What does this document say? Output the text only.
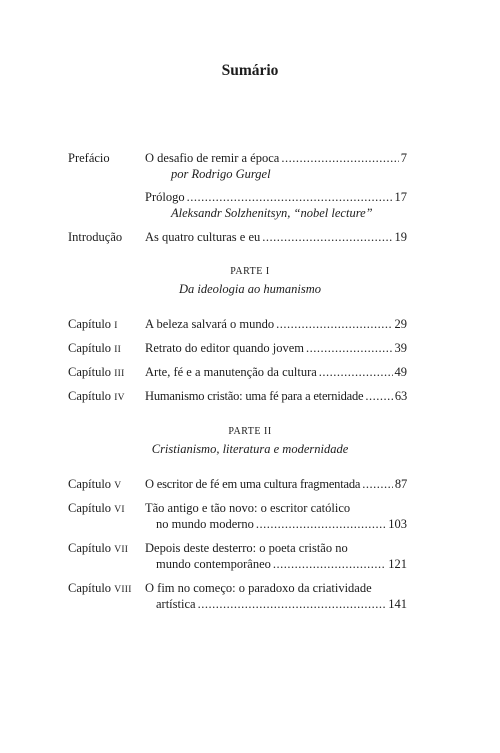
Sumário
Prefácio	O desafio de remir a época .....	7
por Rodrigo Gurgel
Prólogo .....	17
Aleksandr Solzhenitsyn, “nobel lecture”
Introdução As quatro culturas e eu .....	19
PARTE I
Da ideologia ao humanismo
Capítulo I A beleza salvará o mundo .....	29
Capítulo II Retrato do editor quando jovem .....	39
Capítulo III Arte, fé e a manutenção da cultura .....	49
Capítulo IV Humanismo cristão: uma fé para a eternidade .....	63
PARTE II
Cristianismo, literatura e modernidade
Capítulo V O escritor de fé em uma cultura fragmentada .....	87
Capítulo VI Tão antigo e tão novo: o escritor católico
no mundo moderno .....	103
Capítulo VII Depois deste desterro: o poeta cristão no
mundo contemporâneo .....	121
Capítulo VIII O fim no começo: o paradoxo da criatividade
artística .....	141
